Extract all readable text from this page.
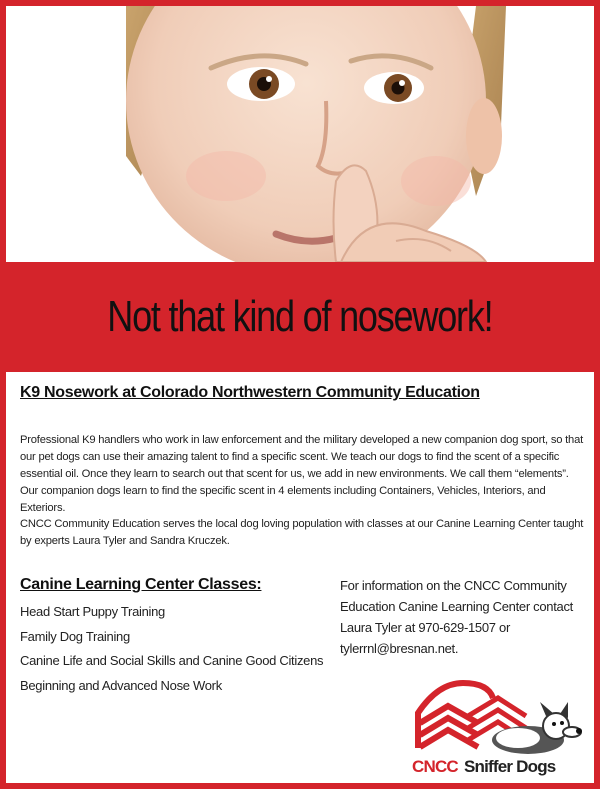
Not that kind of nosework!
K9 Nosework at Colorado Northwestern Community Education

Professional K9 handlers who work in law enforcement and the military developed a new companion dog sport, so that our pet dogs can use their amazing talent to find a specific scent. We teach our dogs to find the scent of a specific essential oil. Once they learn to search out that scent for us, we add in new environments. We call them “elements”. Our companion dogs learn to find the specific scent in 4 elements including Containers, Vehicles, Interiors, and Exteriors.

CNCC Community Education serves the local dog loving population with classes at our Canine Learning Center taught by experts Laura Tyler and Sandra Kruczek.

Canine Learning Center Classes:
Head Start Puppy Training
Family Dog Training
Canine Life and Social Skills and Canine Good Citizens
Beginning and Advanced Nose Work

For information on the CNCC Community Education Canine Learning Center contact Laura Tyler at 970-629-1507 or tylerrnl@bresnan.net.

CNCC Sniffer Dogs
